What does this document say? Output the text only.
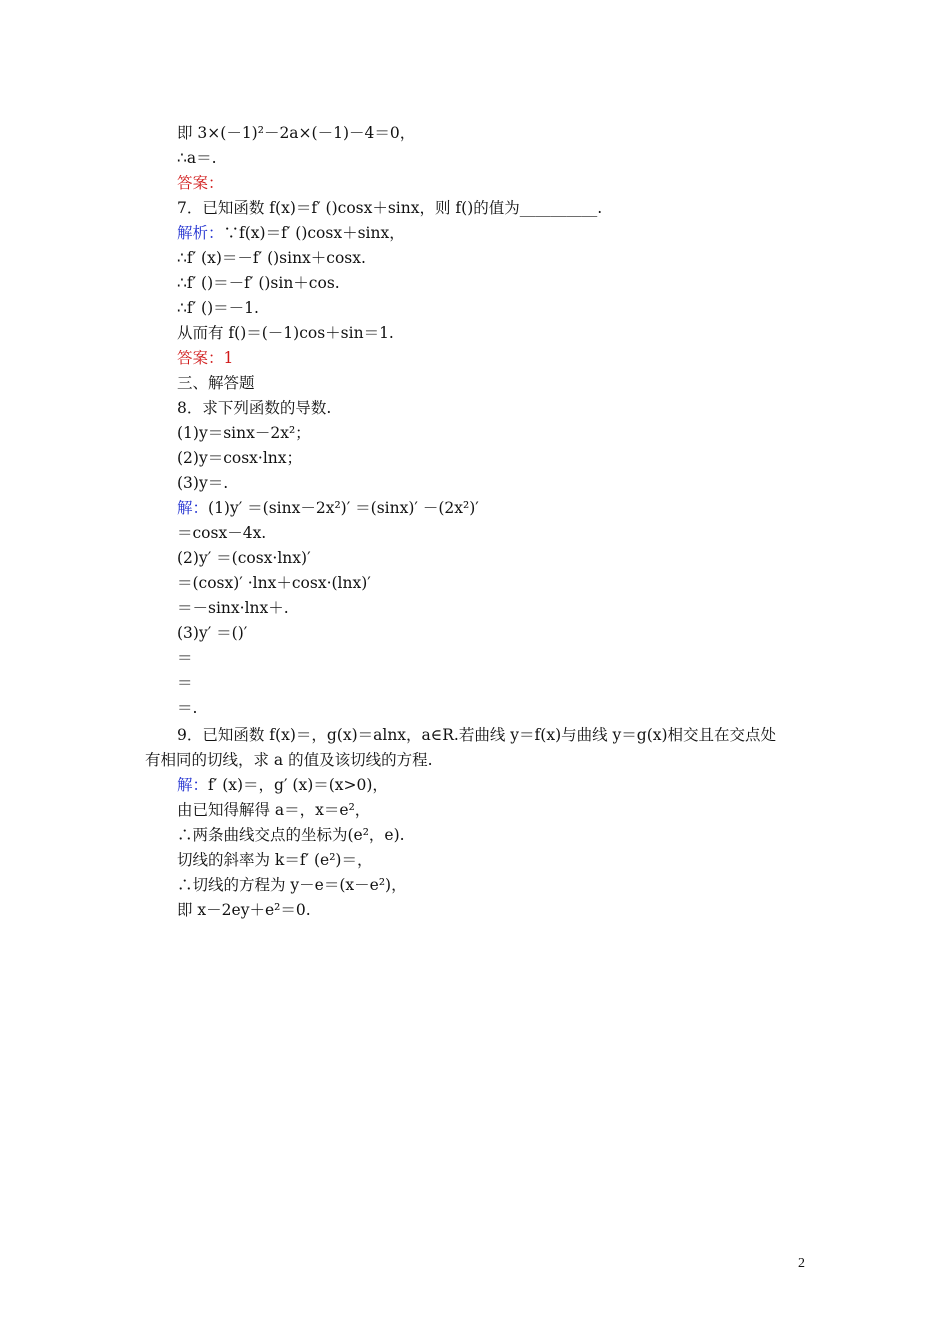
即 3×(－1)²－2a×(－1)－4＝0，
∴a＝.
答案：
7．已知函数 f(x)＝f′ ()cosx＋sinx，则 f()的值为__________.
解析：∵f(x)＝f′ ()cosx＋sinx，
∴f′ (x)＝－f′ ()sinx＋cosx.
∴f′ ()＝－f′ ()sin＋cos.
∴f′ ()＝－1.
从而有 f()＝(－1)cos＋sin＝1.
答案：1
三、解答题
8．求下列函数的导数.
(1)y＝sinx－2x²；
(2)y＝cosx·lnx；
(3)y＝.
解：(1)y′ ＝(sinx－2x²)′ ＝(sinx)′ －(2x²)′
＝cosx－4x.
(2)y′ ＝(cosx·lnx)′
＝(cosx)′ ·lnx＋cosx·(lnx)′
＝－sinx·lnx＋.
(3)y′ ＝()′
＝
＝
＝.
9．已知函数 f(x)＝，g(x)＝alnx，a∈R.若曲线 y＝f(x)与曲线 y＝g(x)相交且在交点处
有相同的切线，求 a 的值及该切线的方程.
解：f′ (x)＝，g′ (x)＝(x>0)，
由已知得解得 a＝，x＝e²，
∴两条曲线交点的坐标为(e²，e).
切线的斜率为 k＝f′ (e²)＝，
∴切线的方程为 y－e＝(x－e²)，
即 x－2ey＋e²＝0.
2
